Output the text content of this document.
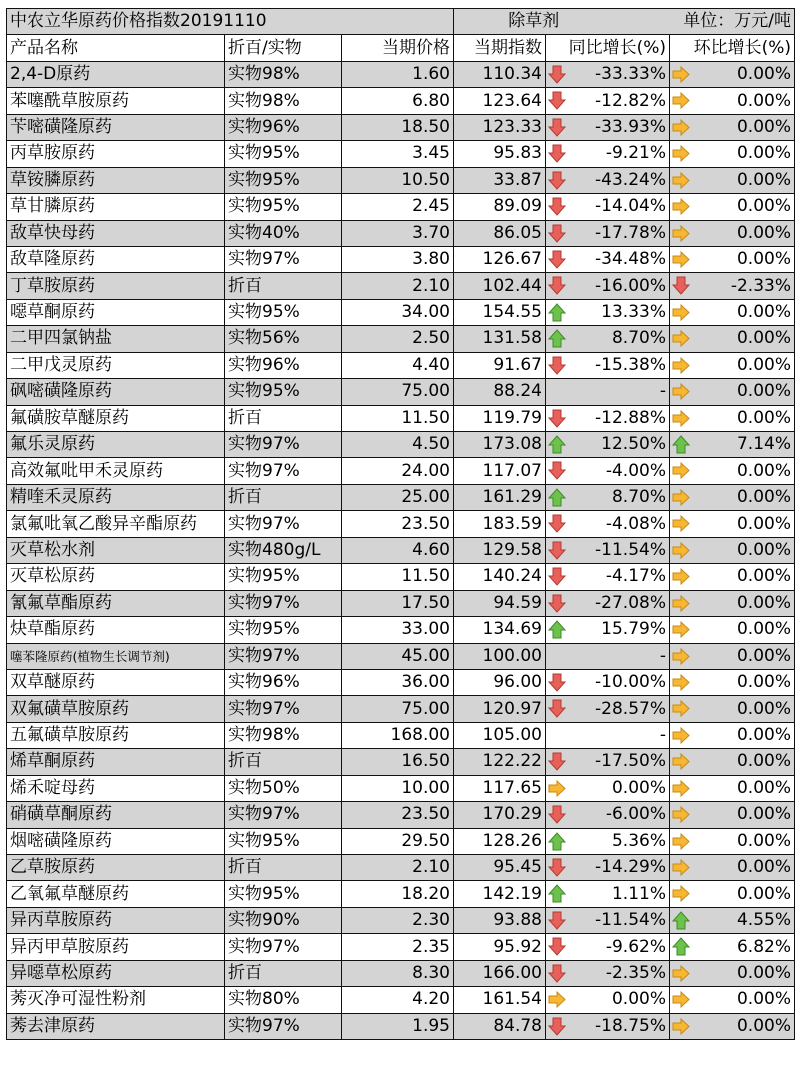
中农立华原药价格指数20191110			除草剂		单位：万元/吨
产品名称	折百/实物	当期价格	当期指数	同比增长(%)	环比增长(%)
2,4-D原药	实物98%	1.60	110.34	-33.33%	0.00%
苯噻酰草胺原药	实物98%	6.80	123.64	-12.82%	0.00%
苄嘧磺隆原药	实物96%	18.50	123.33	-33.93%	0.00%
丙草胺原药	实物95%	3.45	95.83	-9.21%	0.00%
草铵膦原药	实物95%	10.50	33.87	-43.24%	0.00%
草甘膦原药	实物95%	2.45	89.09	-14.04%	0.00%
敌草快母药	实物40%	3.70	86.05	-17.78%	0.00%
敌草隆原药	实物97%	3.80	126.67	-34.48%	0.00%
丁草胺原药	折百	2.10	102.44	-16.00%	-2.33%
噁草酮原药	实物95%	34.00	154.55	13.33%	0.00%
二甲四氯钠盐	实物56%	2.50	131.58	8.70%	0.00%
二甲戊灵原药	实物96%	4.40	91.67	-15.38%	0.00%
砜嘧磺隆原药	实物95%	75.00	88.24	-	0.00%
氟磺胺草醚原药	折百	11.50	119.79	-12.88%	0.00%
氟乐灵原药	实物97%	4.50	173.08	12.50%	7.14%
高效氟吡甲禾灵原药	实物97%	24.00	117.07	-4.00%	0.00%
精喹禾灵原药	折百	25.00	161.29	8.70%	0.00%
氯氟吡氧乙酸异辛酯原药	实物97%	23.50	183.59	-4.08%	0.00%
灭草松水剂	实物480g/L	4.60	129.58	-11.54%	0.00%
灭草松原药	实物95%	11.50	140.24	-4.17%	0.00%
氰氟草酯原药	实物97%	17.50	94.59	-27.08%	0.00%
炔草酯原药	实物95%	33.00	134.69	15.79%	0.00%
噻苯隆原药(植物生长调节剂)	实物97%	45.00	100.00	-	0.00%
双草醚原药	实物96%	36.00	96.00	-10.00%	0.00%
双氟磺草胺原药	实物97%	75.00	120.97	-28.57%	0.00%
五氟磺草胺原药	实物98%	168.00	105.00	-	0.00%
烯草酮原药	折百	16.50	122.22	-17.50%	0.00%
烯禾啶母药	实物50%	10.00	117.65	0.00%	0.00%
硝磺草酮原药	实物97%	23.50	170.29	-6.00%	0.00%
烟嘧磺隆原药	实物95%	29.50	128.26	5.36%	0.00%
乙草胺原药	折百	2.10	95.45	-14.29%	0.00%
乙氧氟草醚原药	实物95%	18.20	142.19	1.11%	0.00%
异丙草胺原药	实物90%	2.30	93.88	-11.54%	4.55%
异丙甲草胺原药	实物97%	2.35	95.92	-9.62%	6.82%
异噁草松原药	折百	8.30	166.00	-2.35%	0.00%
莠灭净可湿性粉剂	实物80%	4.20	161.54	0.00%	0.00%
莠去津原药	实物97%	1.95	84.78	-18.75%	0.00%
